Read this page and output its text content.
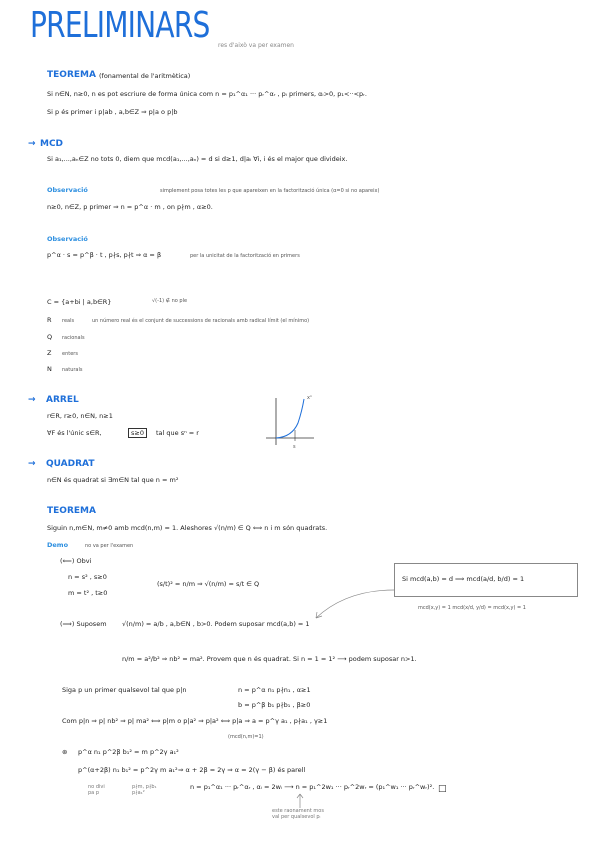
PRELIMINARS res d'això va per examen
TEOREMA (fonamental de l'aritmètica)
Si n∈N, n≥0, n es pot escriure de forma única com n = p₁^α₁ ··· pᵣ^αᵣ , pᵢ primers, αᵢ>0, p₁<··<pᵣ.
Si p és primer i p|ab , a,b∈Z ⇒ p|a o p|b
→ MCD
Si a₁,...,aₙ∈Z no tots 0, diem que mcd(a₁,...,aₙ) = d si d≥1, d|aᵢ ∀i, i és el major que divideix.
Observació	simplement posa totes les p que apareixen en la factorització única (α=0 si no apareix)
n≥0, n∈Z, p primer ⇒ n = p^α · m , on p∤m , α≥0.
Observació
p^α · s = p^β · t , p∤s, p∤t ⇒ α = β	per la unicitat de la factorització en primers
C = {a+bi | a,b∈R}	√(-1) ∉ no ple
R reals	un número real és el conjunt de successions de racionals amb radical límit (el mínimo)
Q racionals
Z enters
N naturals
→ ARREL
r∈R, r≥0, n∈N, n≥1
∀F és l'únic s∈R,	s≥0	tal que sⁿ = r
xⁿ
s
→ QUADRAT
n∈N és quadrat si ∃m∈N tal que n = m²
TEOREMA
Siguin n,m∈N, m≠0 amb mcd(n,m) = 1. Aleshores √(n/m) ∈ Q ⟺ n i m són quadrats.
Demo	no va per l'examen
(⟸) Obvi
n = s² , s≥0
m = t² , t≥0
(s/t)² = n/m ⇒ √(n/m) = s/t ∈ Q
Si mcd(a,b) = d ⟹ mcd(a/d, b/d) = 1
mcd(x,y) = 1 mcd(x/d, y/d) = mcd(x,y) = 1
(⟹) Suposem √(n/m) = a/b , a,b∈N , b>0. Podem suposar mcd(a,b) = 1
n/m = a²/b² ⇒ nb² = ma². Provem que n és quadrat. Si n = 1 = 1² ⟶ podem suposar n>1.
Siga p un primer qualsevol tal que p|n	n = p^α n₁ p∤n₁ , α≥1
b = p^β b₁ p∤b₁ , β≥0
Com p|n ⇒ p| nb² ⇒ p| ma² ⟺ p|m o p|a² ⇒ p|a² ⟺ p|a ⇒ a = p^γ a₁ , p∤a₁ , γ≥1
(mcd(n,m)=1)
⊛ p^α n₁ p^2β b₁² = m p^2γ a₁²
p^(α+2β) n₁ b₁² = p^2γ m a₁² ⇒ α + 2β = 2γ ⇒ α = 2(γ − β) és parell
n = p₁^α₁ ··· pᵣ^αᵣ , αᵢ = 2wᵢ ⟶ n = p₁^2w₁ ··· pᵣ^2wᵣ = (p₁^w₁ ··· pᵣ^wᵣ)².
no divi
pa p
p∤m, p∤b₁
p∤a₁²
este raonament mos
val per qualsevol pᵢ
□
